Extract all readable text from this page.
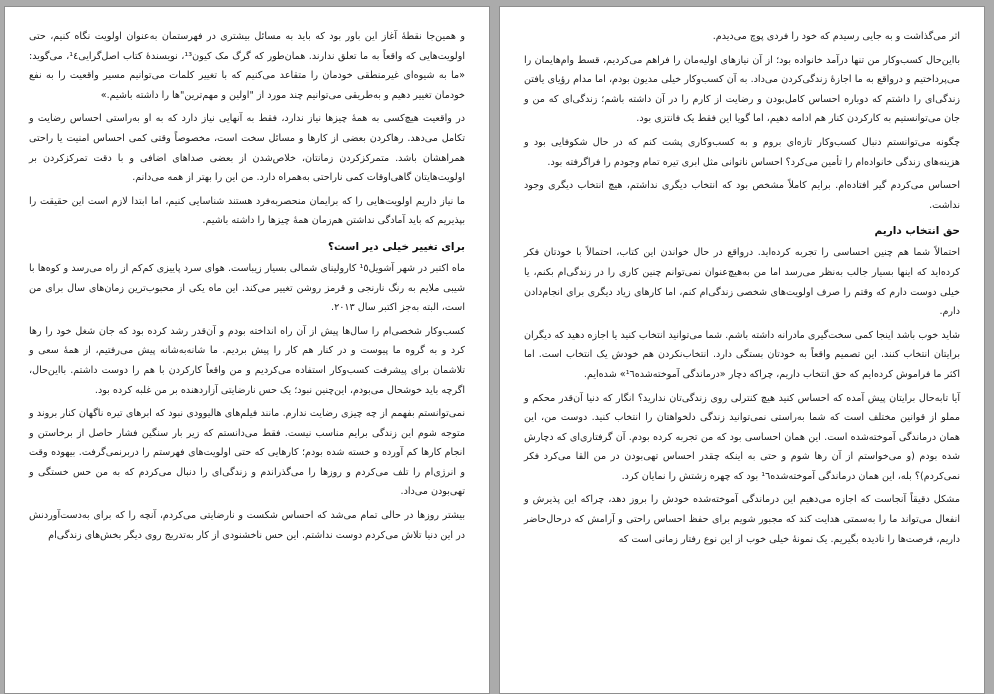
و همین‌جا نقطهٔ آغاز این باور بود که باید به مسائل بیشتری در فهرستمان به‌عنوان اولویت نگاه کنیم، حتی اولویت‌هایی که واقعاً به ما تعلق ندارند. همان‌طور که گرگ مک کیون¹³، نویسندهٔ کتاب اصل‌گرایی¹٤، می‌گوید: «ما به شیوه‌ای غیرمنطقی خودمان را متقاعد می‌کنیم که با تغییر کلمات می‌توانیم مسیر واقعیت را به نفع خودمان تغییر دهیم و به‌طریقی می‌توانیم چند مورد از "اولین و مهم‌ترین"ها را داشته باشیم.»

در واقعیت هیچ‌کسی به همهٔ چیزها نیاز ندارد، فقط به آنهایی نیاز دارد که به او به‌راستی احساس رضایت و تکامل می‌دهد. رهاکردن بعضی از کارها و مسائل سخت است، مخصوصاً وقتی کمی احساس امنیت یا راحتی همراهشان باشد. متمرکزکردن زمانتان، خلاص‌شدن از بعضی صداهای اضافی و با دقت تمرکزکردن بر اولویت‌هایتان گاهی‌اوقات کمی ناراحتی به‌همراه دارد. من این را بهتر از همه می‌دانم.

ما نیاز داریم اولویت‌هایی را که برایمان منحصربه‌فرد هستند شناسایی کنیم، اما ابتدا لازم است این حقیقت را بپذیریم که باید آمادگی نداشتن هم‌زمان همهٔ چیزها را داشته باشیم.

برای تغییر خیلی دیر است؟

ماه اکتبر در شهر آشویل¹٥ کارولینای شمالی بسیار زیباست. هوای سرد پاییزی کم‌کم از راه می‌رسد و کوه‌ها با شیبی ملایم به رنگ نارنجی و قرمز روشن تغییر می‌کند. این ماه یکی از محبوب‌ترین زمان‌های سال برای من است، البته به‌جز اکتبر سال ۲۰۱۳.

کسب‌وکار شخصی‌ام را سال‌ها پیش از آن راه انداخته بودم و آن‌قدر رشد کرده بود که جان شغل خود را رها کرد و به گروه ما پیوست و در کنار هم کار را پیش بردیم. ما شانه‌به‌شانه پیش می‌رفتیم، از همهٔ سعی و تلاشمان برای پیشرفت کسب‌وکار استفاده می‌کردیم و من واقعاً کارکردن با هم را دوست داشتم. بااین‌حال، اگرچه باید خوشحال می‌بودم، این‌چنین نبود؛ یک حس نارضایتی آزاردهنده بر من غلبه کرده بود.

نمی‌توانستم بفهمم از چه چیزی رضایت ندارم. مانند فیلم‌های هالیوودی نبود که ابرهای تیره ناگهان کنار بروند و متوجه شوم این زندگی برایم مناسب نیست. فقط می‌دانستم که زیر بار سنگین فشار حاصل از برخاستن و انجام کارها کم آورده و خسته شده بودم؛ کارهایی که حتی اولویت‌های فهرستم را دربرنمی‌گرفت. بیهوده وقت و انرژی‌ام را تلف می‌کردم و روزها را می‌گذراندم و زندگی‌ای را دنبال می‌کردم که به من حس خستگی و تهی‌بودن می‌داد.

بیشتر روزها در حالی تمام می‌شد که احساس شکست و نارضایتی می‌کردم، آنچه را که برای به‌دست‌آوردنش در این دنیا تلاش می‌کردم دوست نداشتم. این حس ناخشنودی از کار به‌تدریج روی دیگر بخش‌های زندگی‌ام

اثر می‌گذاشت و به جایی رسیدم که خود را فردی پوچ می‌دیدم.

بااین‌حال کسب‌وکار من تنها درآمد خانواده بود؛ از آن نیازهای اولیه‌مان را فراهم می‌کردیم، قسط وام‌هایمان را می‌پرداختیم و درواقع به ما اجازهٔ زندگی‌کردن می‌داد. به آن کسب‌وکار خیلی مدیون بودم، اما مدام رؤیای یافتن زندگی‌ای را داشتم که دوباره احساس کامل‌بودن و رضایت از کارم را در آن داشته باشم؛ زندگی‌ای که من و جان می‌توانستیم به کارکردن کنار هم ادامه دهیم، اما گویا این فقط یک فانتزی بود.

چگونه می‌توانستم دنبال کسب‌وکار تازه‌ای بروم و به کسب‌وکاری پشت کنم که در حال شکوفایی بود و هزینه‌های زندگی خانواده‌ام را تأمین می‌کرد؟ احساس ناتوانی مثل ابری تیره تمام وجودم را فراگرفته بود.

احساس می‌کردم گیر افتاده‌ام. برایم کاملاً مشخص بود که انتخاب دیگری نداشتم، هیچ انتخاب دیگری وجود نداشت.

حق انتخاب داریم

احتمالاً شما هم چنین احساسی را تجربه کرده‌اید. درواقع در حال خواندن این کتاب، احتمالاً با خودتان فکر کرده‌اید که اینها بسیار جالب به‌نظر می‌رسد اما من به‌هیچ‌عنوان نمی‌توانم چنین کاری را در زندگی‌ام بکنم، یا خیلی دوست دارم که وقتم را صرف اولویت‌های شخصی زندگی‌ام کنم، اما کارهای زیاد دیگری برای انجام‌دادن دارم.

شاید خوب باشد اینجا کمی سخت‌گیری مادرانه داشته باشم. شما می‌توانید انتخاب کنید یا اجازه دهید که دیگران برایتان انتخاب کنند. این تصمیم واقعاً به خودتان بستگی دارد. انتخاب‌نکردن هم خودش یک انتخاب است. اما اکثر ما فراموش کرده‌ایم که حق انتخاب داریم، چراکه دچار «درماندگی آموخته‌شده¹٦» شده‌ایم.

آیا تابه‌حال برایتان پیش آمده که احساس کنید هیچ کنترلی روی زندگی‌تان ندارید؟ انگار که دنیا آن‌قدر محکم و مملو از قوانین مختلف است که شما به‌راستی نمی‌توانید زندگی دلخواهتان را انتخاب کنید. دوست من، این همان درماندگی آموخته‌شده است. این همان احساسی بود که من تجربه کرده بودم. آن گرفتاری‌ای که دچارش شده بودم (و می‌خواستم از آن رها شوم و حتی به اینکه چقدر احساس تهی‌بودن در من القا می‌کرد فکر نمی‌کردم)؟ بله، این همان درماندگی آموخته‌شده¹٦ بود که چهره زشتش را نمایان کرد.

مشکل دقیقاً آنجاست که اجازه می‌دهیم این درماندگی آموخته‌شده خودش را بروز دهد، چراکه این پذیرش و انفعال می‌تواند ما را به‌سمتی هدایت کند که مجبور شویم برای حفظ احساس راحتی و آرامش که درحال‌حاضر داریم، فرصت‌ها را نادیده بگیریم. یک نمونهٔ خیلی خوب از این نوع رفتار زمانی است که
